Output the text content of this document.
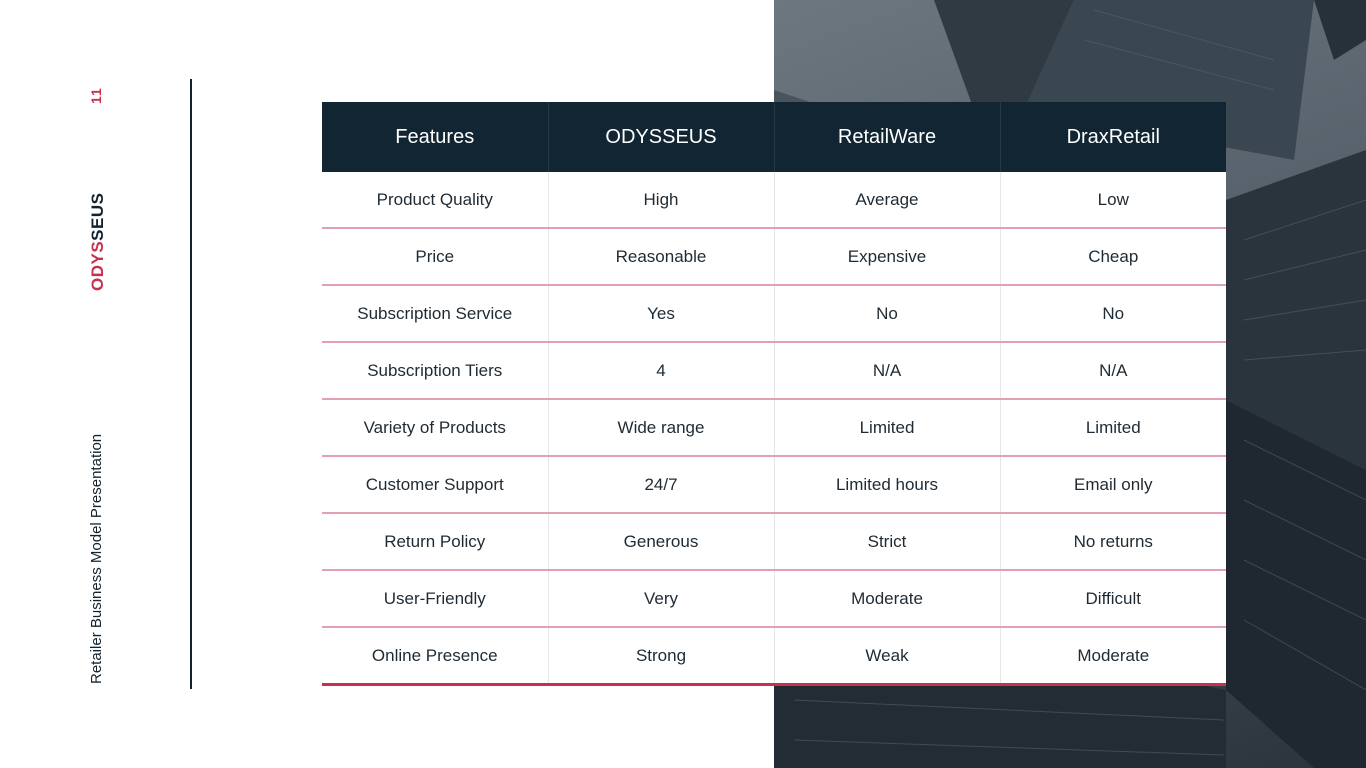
11
ODYSSEUS
Retailer Business Model Presentation
Features	ODYSSEUS	RetailWare	DraxRetail
Product Quality	High	Average	Low
Price	Reasonable	Expensive	Cheap
Subscription Service	Yes	No	No
Subscription Tiers	4	N/A	N/A
Variety of Products	Wide range	Limited	Limited
Customer Support	24/7	Limited hours	Email only
Return Policy	Generous	Strict	No returns
User-Friendly	Very	Moderate	Difficult
Online Presence	Strong	Weak	Moderate
